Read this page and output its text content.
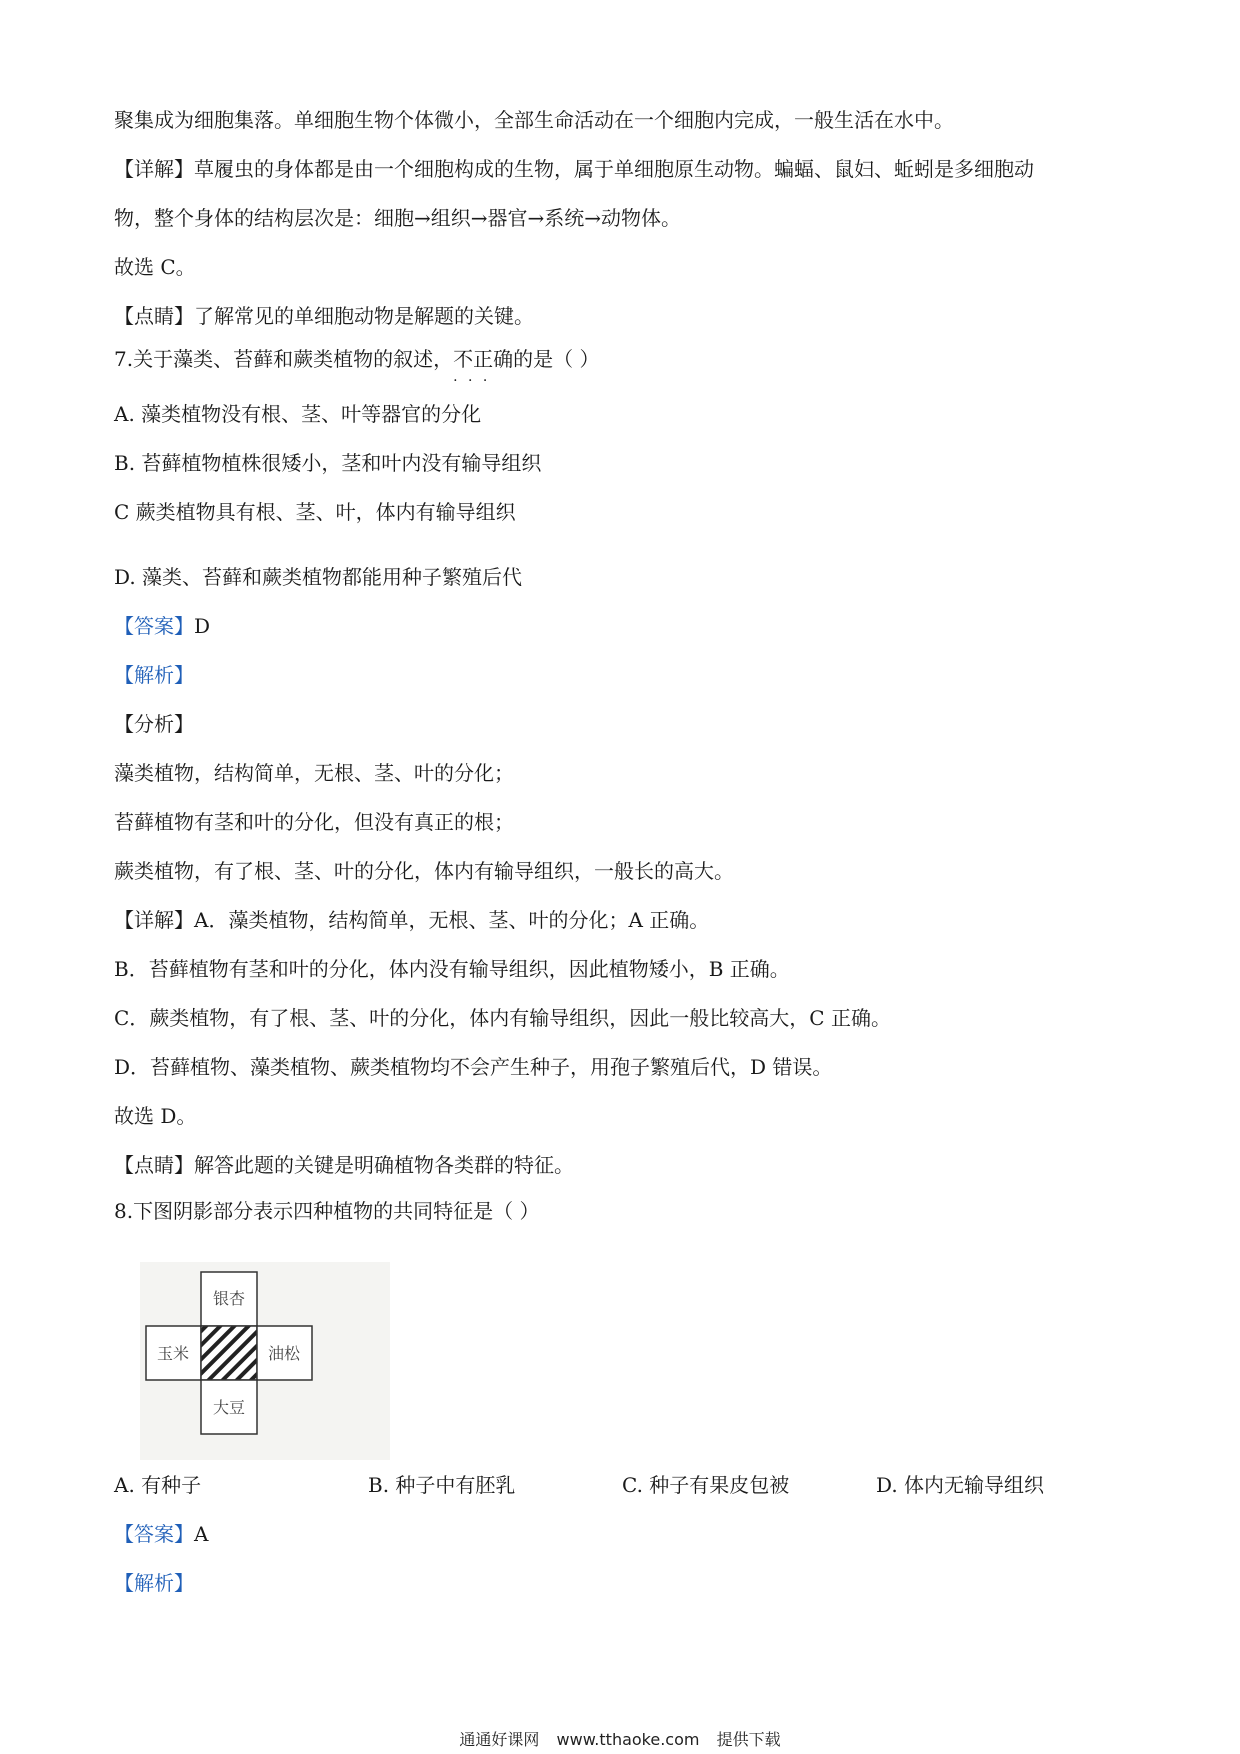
聚集成为细胞集落。单细胞生物个体微小，全部生命活动在一个细胞内完成，一般生活在水中。
【详解】草履虫的身体都是由一个细胞构成的生物，属于单细胞原生动物。蝙蝠、鼠妇、蚯蚓是多细胞动
物，整个身体的结构层次是：细胞→组织→器官→系统→动物体。
故选 C。
【点睛】了解常见的单细胞动物是解题的关键。
7.关于藻类、苔藓和蕨类植物的叙述，不正确 · · ·的是（ ）
A. 藻类植物没有根、茎、叶等器官的分化
B. 苔藓植物植株很矮小，茎和叶内没有输导组织
C 蕨类植物具有根、茎、叶，体内有输导组织
D. 藻类、苔藓和蕨类植物都能用种子繁殖后代
【答案】D
【解析】
【分析】
藻类植物，结构简单，无根、茎、叶的分化；
苔藓植物有茎和叶的分化，但没有真正的根；
蕨类植物，有了根、茎、叶的分化，体内有输导组织，一般长的高大。
【详解】A．藻类植物，结构简单，无根、茎、叶的分化；A 正确。
B．苔藓植物有茎和叶的分化，体内没有输导组织，因此植物矮小，B 正确。
C．蕨类植物，有了根、茎、叶的分化，体内有输导组织，因此一般比较高大，C 正确。
D．苔藓植物、藻类植物、蕨类植物均不会产生种子，用孢子繁殖后代，D 错误。
故选 D。
【点睛】解答此题的关键是明确植物各类群的特征。
8.下图阴影部分表示四种植物的共同特征是（ ）
银杏
玉米	油松
大豆
A. 有种子	B. 种子中有胚乳	C. 种子有果皮包被	D. 体内无输导组织
【答案】A
【解析】
通通好课网 www.tthaoke.com 提供下载
